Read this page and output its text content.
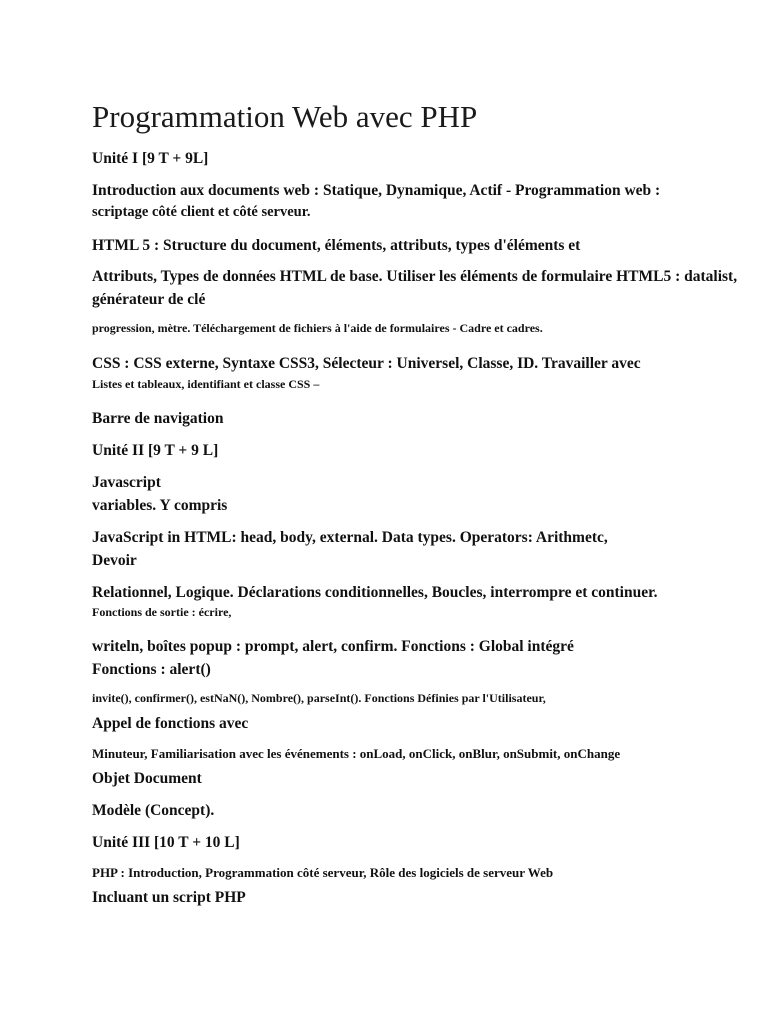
Programmation Web avec PHP
Unité I [9 T + 9L]
Introduction aux documents web : Statique, Dynamique, Actif - Programmation web :
scriptage côté client et côté serveur.
HTML 5 : Structure du document, éléments, attributs, types d'éléments et
Attributs, Types de données HTML de base. Utiliser les éléments de formulaire HTML5 : datalist,
générateur de clé
progression, mètre. Téléchargement de fichiers à l'aide de formulaires - Cadre et cadres.
CSS : CSS externe, Syntaxe CSS3, Sélecteur : Universel, Classe, ID. Travailler avec
Listes et tableaux, identifiant et classe CSS –
Barre de navigation
Unité II [9 T + 9 L]
Javascript
variables. Y compris
JavaScript in HTML: head, body, external. Data types. Operators: Arithmetc,
Devoir
Relationnel, Logique. Déclarations conditionnelles, Boucles, interrompre et continuer.
Fonctions de sortie : écrire,
writeln, boîtes popup : prompt, alert, confirm. Fonctions : Global intégré
Fonctions : alert()
invite(), confirmer(), estNaN(), Nombre(), parseInt(). Fonctions Définies par l'Utilisateur,
Appel de fonctions avec
Minuteur, Familiarisation avec les événements : onLoad, onClick, onBlur, onSubmit, onChange
Objet Document
Modèle (Concept).
Unité III [10 T + 10 L]
PHP : Introduction, Programmation côté serveur, Rôle des logiciels de serveur Web
Incluant un script PHP
